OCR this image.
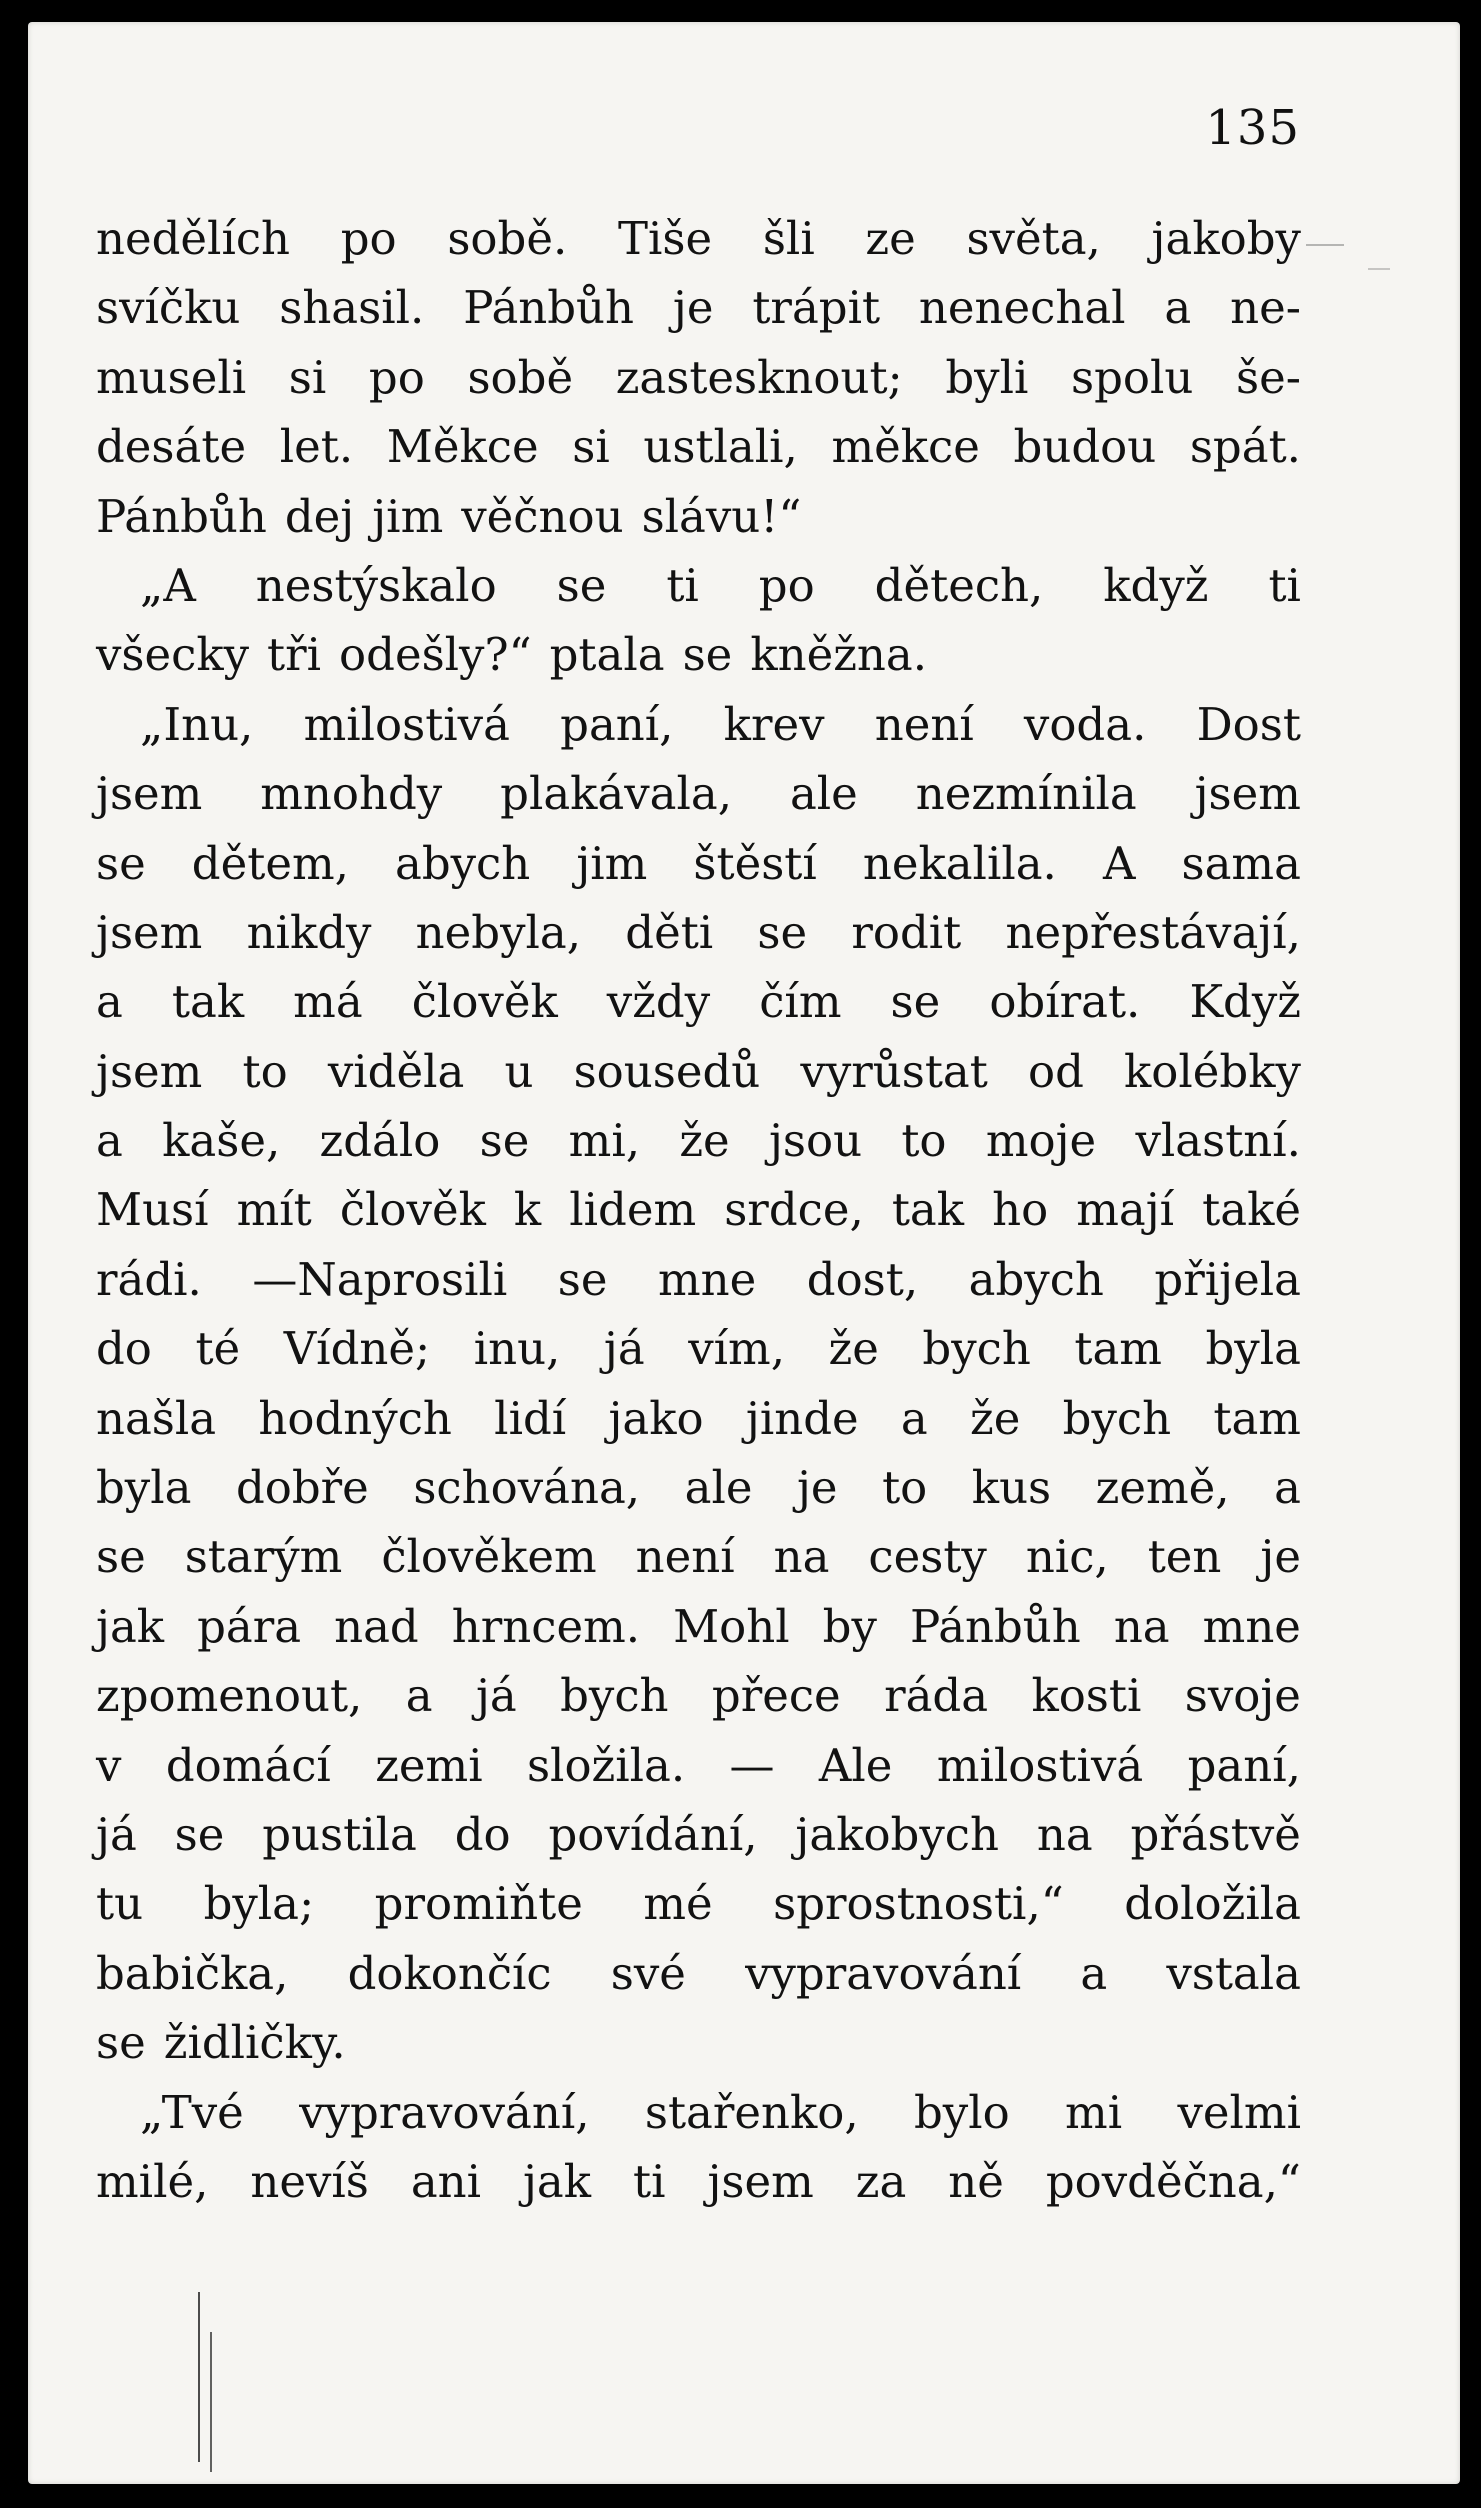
135
nedělích po sobě. Tiše šli ze světa, jakoby
svíčku shasil. Pánbůh je trápit nenechal a ne-
museli si po sobě zastesknout; byli spolu še-
desáte let. Měkce si ustlali, měkce budou spát.
Pánbůh dej jim věčnou slávu!“
„A nestýskalo se ti po dětech, když ti
všecky tři odešly?“ ptala se kněžna.
„Inu, milostivá paní, krev není voda. Dost
jsem mnohdy plakávala, ale nezmínila jsem
se dětem, abych jim štěstí nekalila. A sama
jsem nikdy nebyla, děti se rodit nepřestávají,
a tak má člověk vždy čím se obírat. Když
jsem to viděla u sousedů vyrůstat od kolébky
a kaše, zdálo se mi, že jsou to moje vlastní.
Musí mít člověk k lidem srdce, tak ho mají také
rádi. —Naprosili se mne dost, abych přijela
do té Vídně; inu, já vím, že bych tam byla
našla hodných lidí jako jinde a že bych tam
byla dobře schována, ale je to kus země, a
se starým člověkem není na cesty nic, ten je
jak pára nad hrncem. Mohl by Pánbůh na mne
zpomenout, a já bych přece ráda kosti svoje
v domácí zemi složila. — Ale milostivá paní,
já se pustila do povídání, jakobych na přástvě
tu byla; promiňte mé sprostnosti,“ doložila
babička, dokončíc své vypravování a vstala
se židličky.
„Tvé vypravování, stařenko, bylo mi velmi
milé, nevíš ani jak ti jsem za ně povděčna,“
